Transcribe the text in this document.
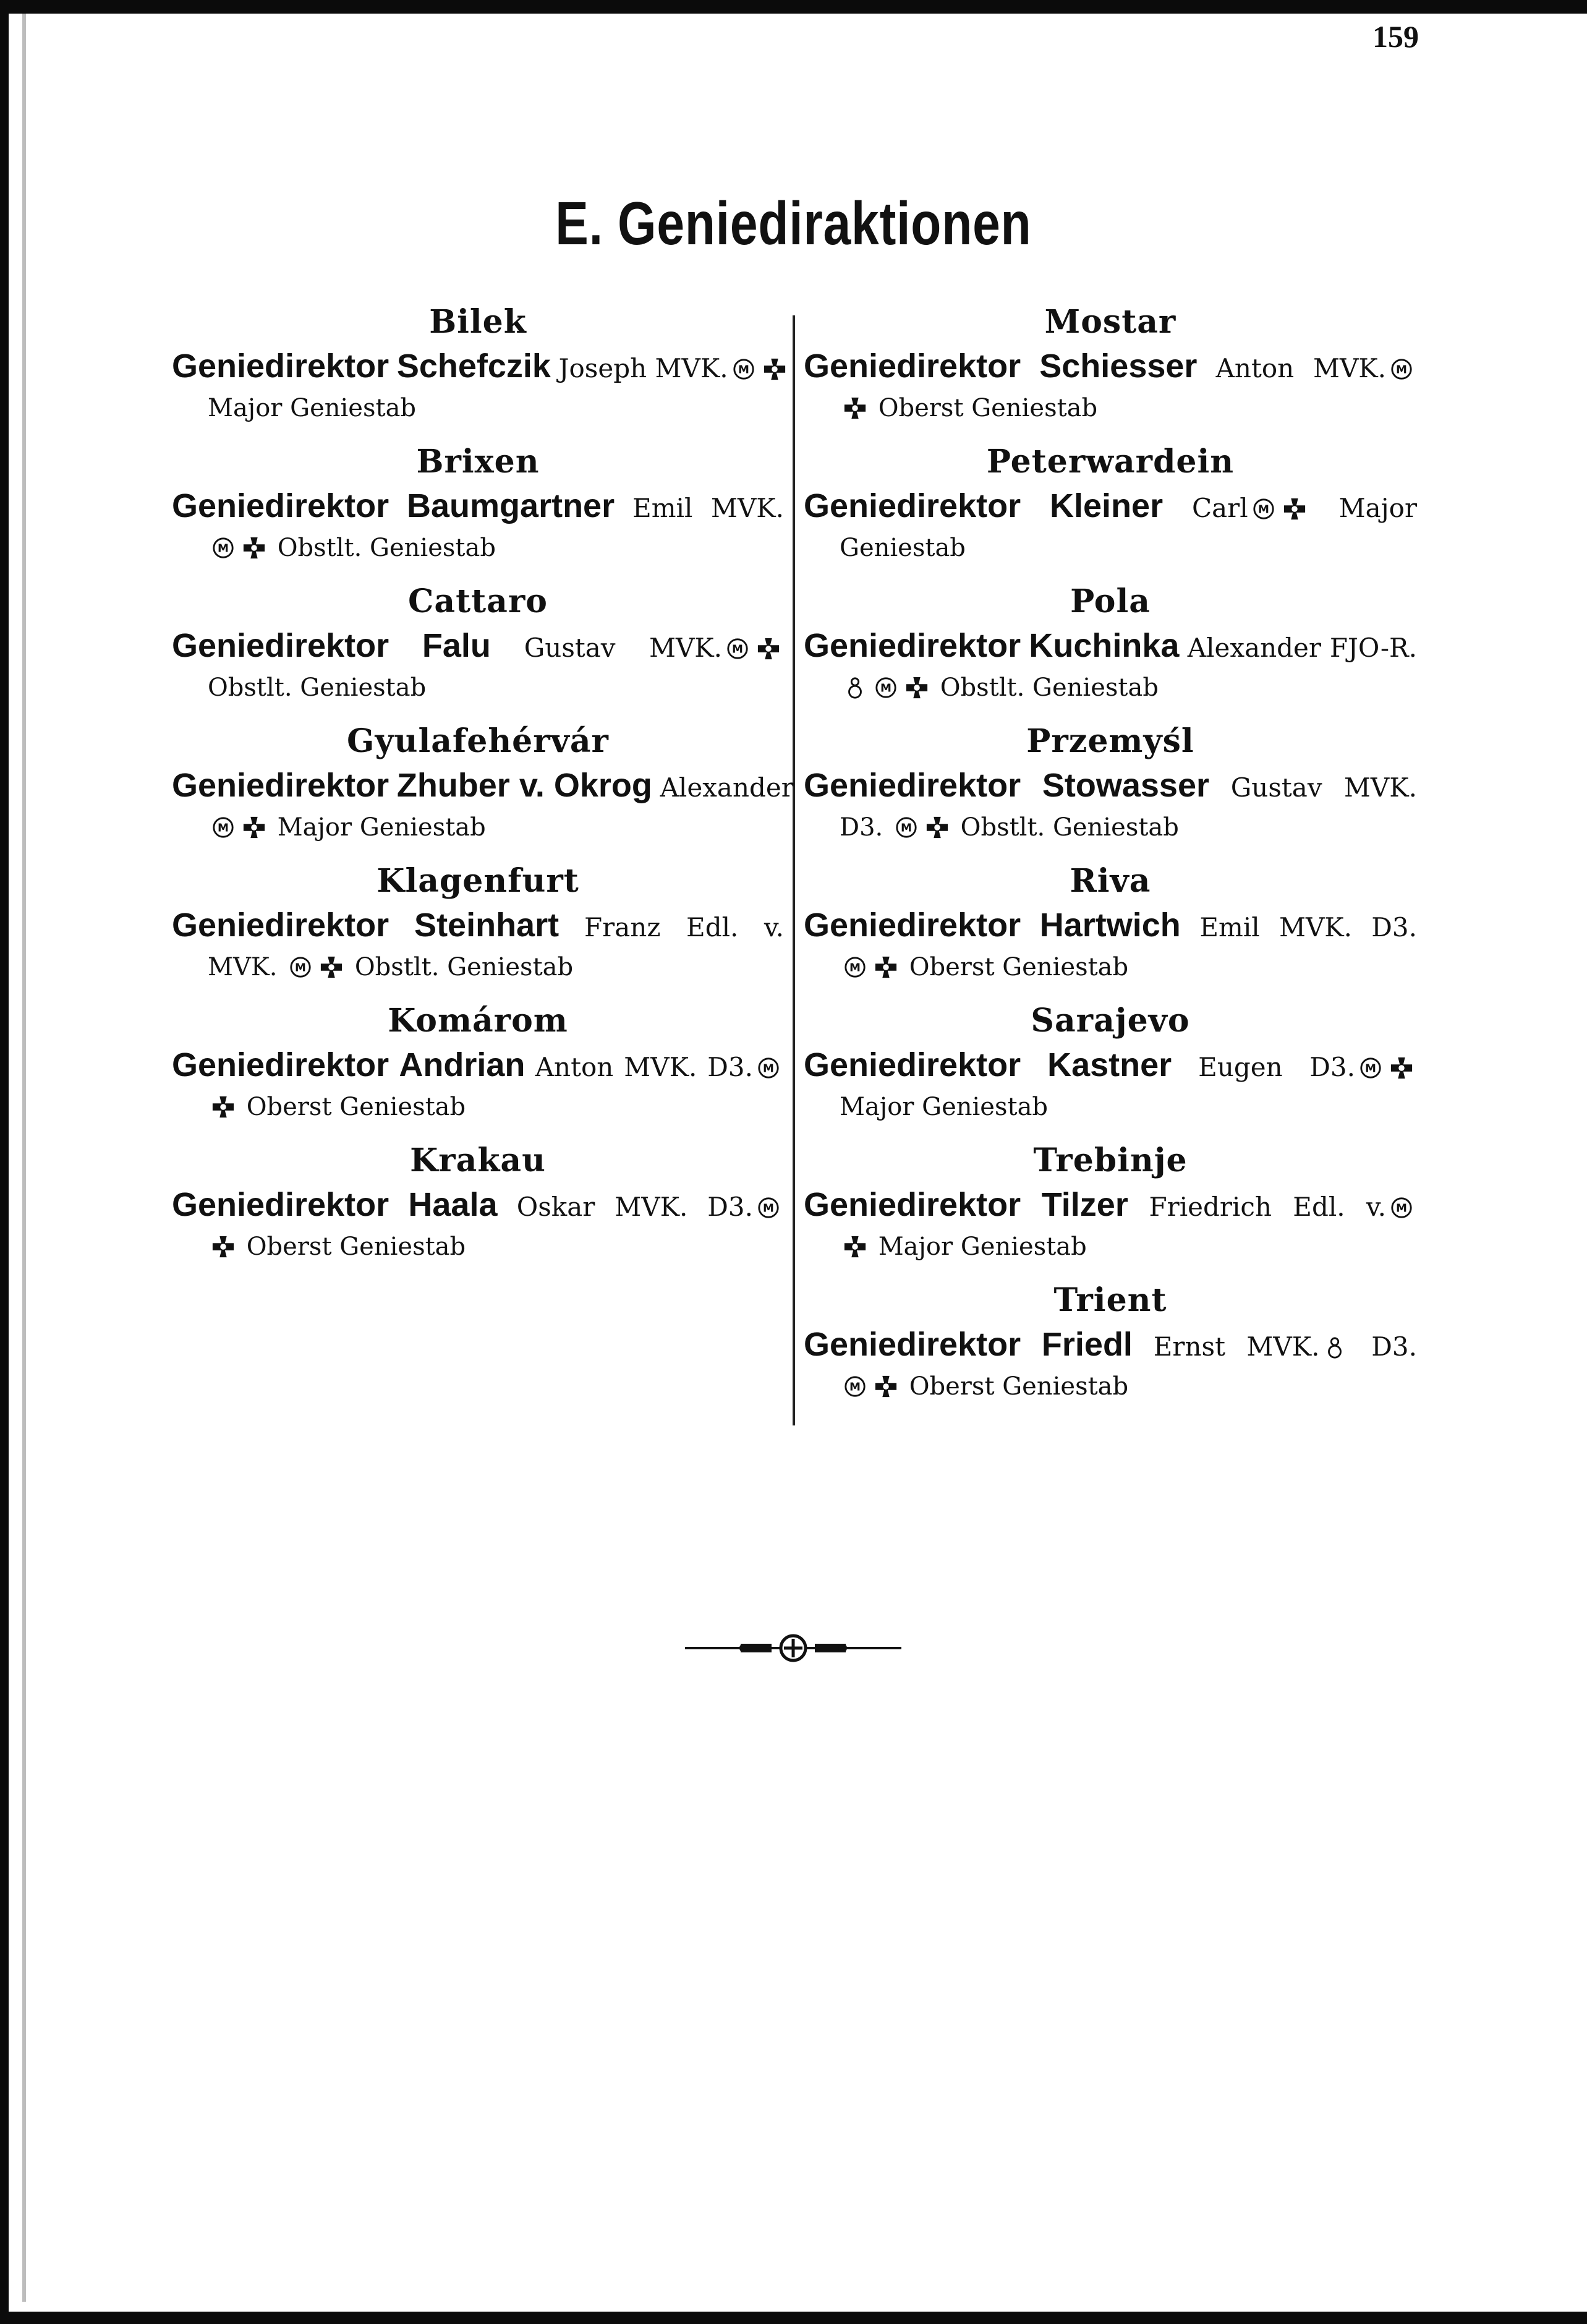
159
E. Geniediraktionen
Bilek
Geniedirektor Schefczik Joseph MVK. M
Major Geniestab
Brixen
Geniedirektor Baumgartner Emil MVK.
M Obstlt. Geniestab
Cattaro
Geniedirektor Falu Gustav MVK. M
Obstlt. Geniestab
Gyulafehérvár
Geniedirektor Zhuber v. Okrog Alexander
M Major Geniestab
Klagenfurt
Geniedirektor Steinhart Franz Edl. v.
MVK. M Obstlt. Geniestab
Komárom
Geniedirektor Andrian Anton MVK. D3. M
Oberst Geniestab
Krakau
Geniedirektor Haala Oskar MVK. D3. M
Oberst Geniestab
Mostar
Geniedirektor Schiesser Anton MVK. M
Oberst Geniestab
Peterwardein
Geniedirektor Kleiner Carl M	Major
Geniestab
Pola
Geniedirektor Kuchinka Alexander FJO-R.
M Obstlt. Geniestab
Przemyśl
Geniedirektor Stowasser Gustav MVK.
D3. M Obstlt. Geniestab
Riva
Geniedirektor Hartwich Emil MVK. D3.
M Oberst Geniestab
Sarajevo
Geniedirektor Kastner Eugen D3. M
Major Geniestab
Trebinje
Geniedirektor Tilzer Friedrich Edl. v. M
Major Geniestab
Trient
Geniedirektor Friedl Ernst MVK. D3.
M Oberst Geniestab
